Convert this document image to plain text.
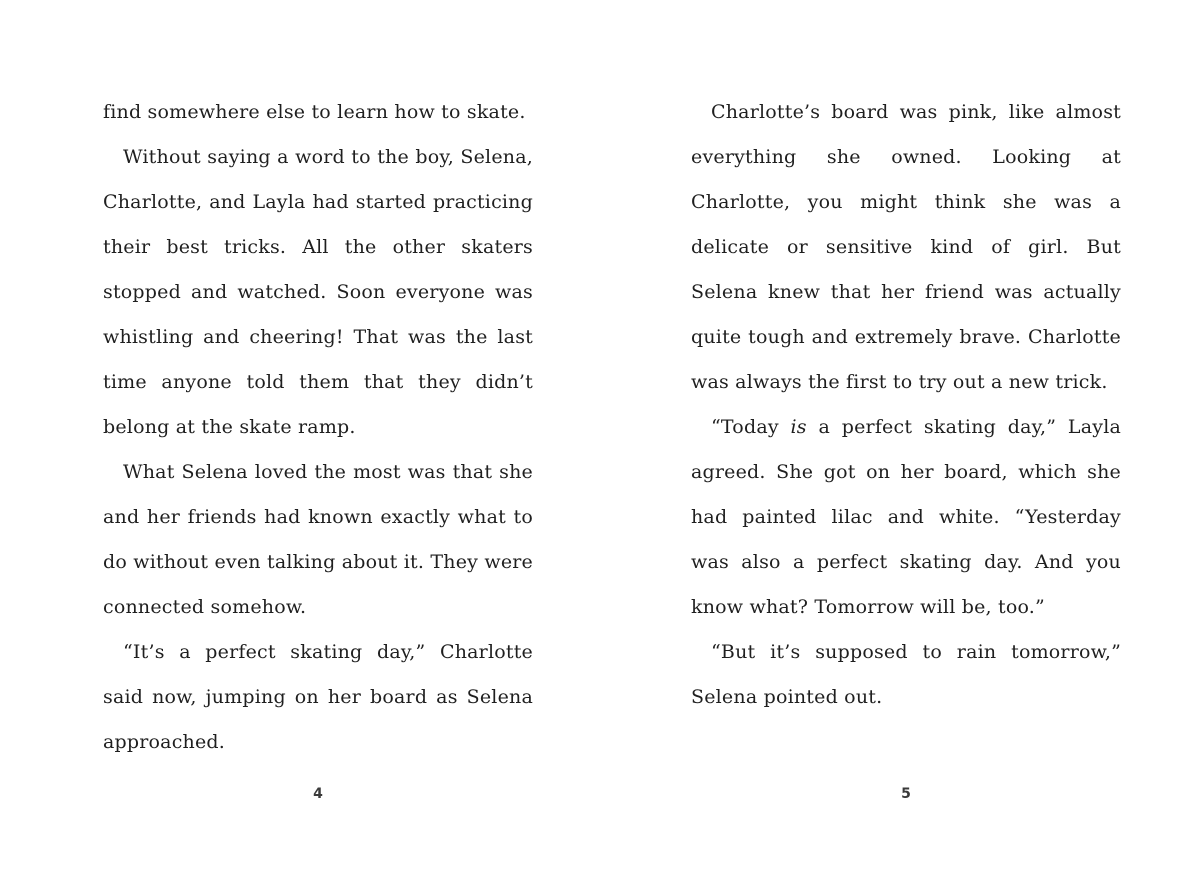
find somewhere else to learn how to skate.

Without saying a word to the boy, Selena, Charlotte, and Layla had started practicing their best tricks. All the other skaters stopped and watched. Soon everyone was whistling and cheering! That was the last time anyone told them that they didn’t belong at the skate ramp.

What Selena loved the most was that she and her friends had known exactly what to do without even talking about it. They were connected somehow.

“It’s a perfect skating day,” Charlotte said now, jumping on her board as Selena approached.

4

Charlotte’s board was pink, like almost everything she owned. Looking at Charlotte, you might think she was a delicate or sensitive kind of girl. But Selena knew that her friend was actually quite tough and extremely brave. Charlotte was always the first to try out a new trick.

“Today is a perfect skating day,” Layla agreed. She got on her board, which she had painted lilac and white. “Yesterday was also a perfect skating day. And you know what? Tomorrow will be, too.”

“But it’s supposed to rain tomorrow,” Selena pointed out.

5
